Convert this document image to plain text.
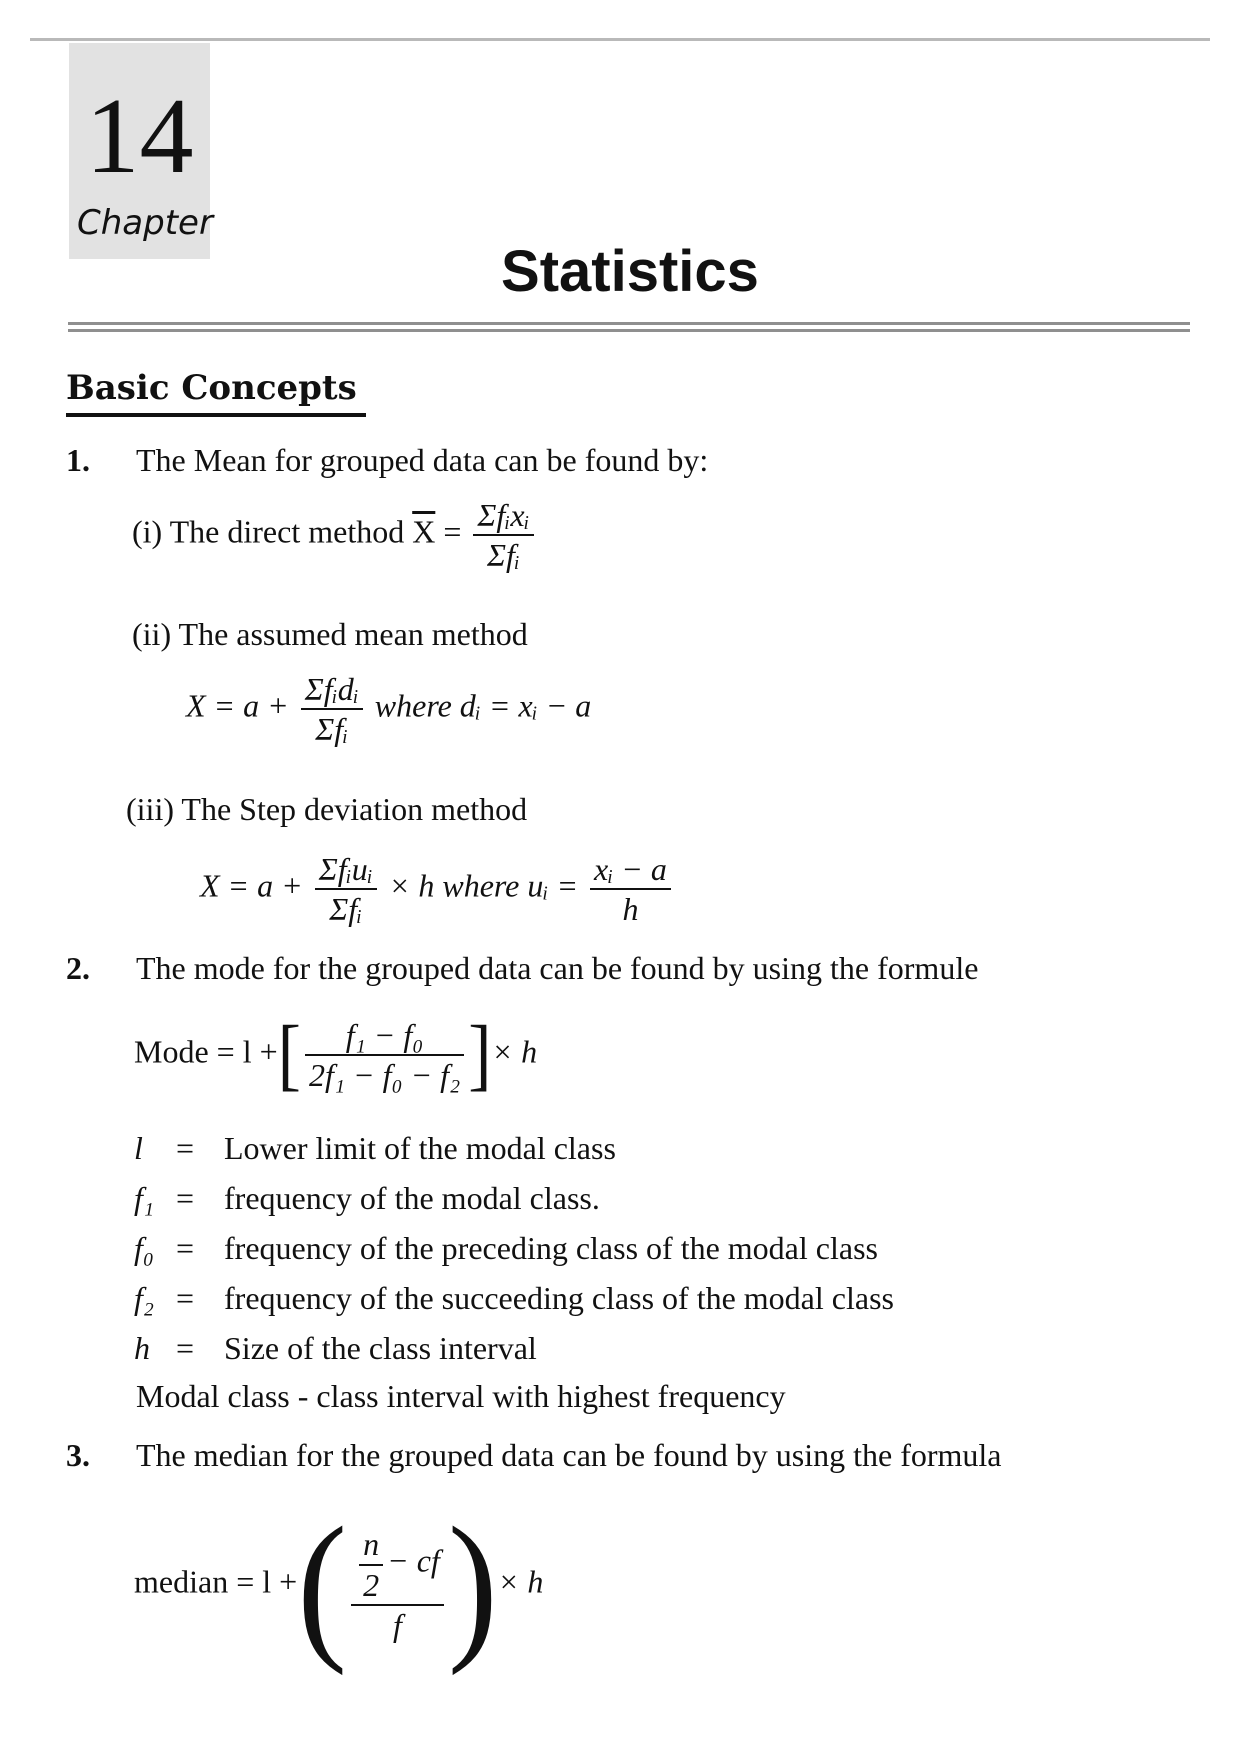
14
Chapter
Statistics
Basic Concepts
1. The Mean for grouped data can be found by:
(i) The direct method $\overline{X} = \frac{\text{Σfᵢxᵢ}}{\text{Σfᵢ}}$
(ii) The assumed mean method
$X = a + \frac{\text{Σfᵢdᵢ}}{\text{Σfᵢ}}$ where dᵢ = xᵢ − a
(iii) The Step deviation method
$X = a + \frac{\text{Σfᵢuᵢ}}{\text{Σfᵢ}} \times h$ where uᵢ = $\frac{\text{xᵢ − a}}{h}$
2. The mode for the grouped data can be found by using the formule
Mode = l +[ $\frac{\text{f₁ − f₀}}{\text{2f₁ − f₀ − f₂}}$ ]× h
l	= Lower limit of the modal class
f₁ = frequency of the modal class.
f₀ = frequency of the preceding class of the modal class
f₂ = frequency of the succeeding class of the modal class
h = Size of the class interval
Modal class - class interval with highest frequency
3. The median for the grouped data can be found by using the formula
median = l +( $\frac{\frac{n}{2} - cf}{f}$ )× h
